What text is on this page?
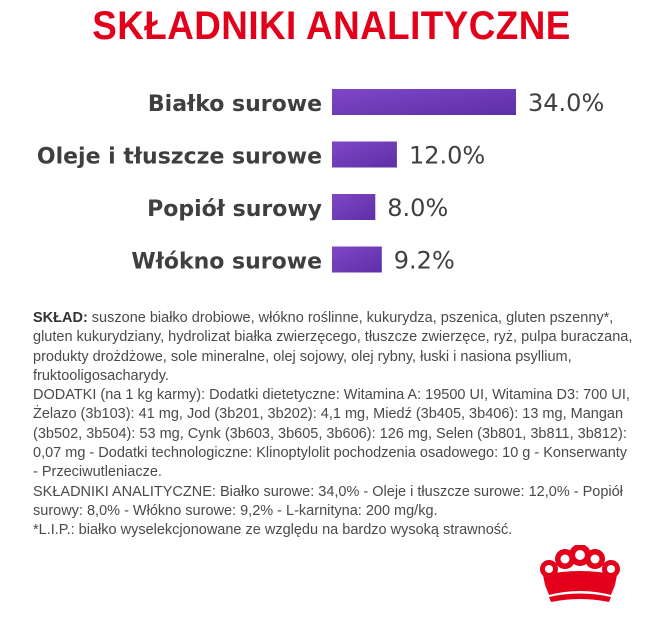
SKŁADNIKI ANALITYCZNE
Białko surowe	34.0%
Oleje i tłuszcze surowe	12.0%
Popiół surowy	8.0%
Włókno surowe	9.2%

SKŁAD: suszone białko drobiowe, włókno roślinne, kukurydza, pszenica, gluten pszenny*, gluten kukurydziany, hydrolizat białka zwierzęcego, tłuszcze zwierzęce, ryż, pulpa buraczana, produkty drożdżowe, sole mineralne, olej sojowy, olej rybny, łuski i nasiona psyllium, fruktooligosacharydy.

DODATKI (na 1 kg karmy): Dodatki dietetyczne: Witamina A: 19500 UI, Witamina D3: 700 UI, Żelazo (3b103): 41 mg, Jod (3b201, 3b202): 4,1 mg, Miedź (3b405, 3b406): 13 mg, Mangan (3b502, 3b504): 53 mg, Cynk (3b603, 3b605, 3b606): 126 mg, Selen (3b801, 3b811, 3b812): 0,07 mg - Dodatki technologiczne: Klinoptylolit pochodzenia osadowego: 10 g - Konserwanty - Przeciwutleniacze.

SKŁADNIKI ANALITYCZNE: Białko surowe: 34,0% - Oleje i tłuszcze surowe: 12,0% - Popiół surowy: 8,0% - Włókno surowe: 9,2% - L-karnityna: 200 mg/kg.

*L.I.P.: białko wyselekcjonowane ze względu na bardzo wysoką strawność.
